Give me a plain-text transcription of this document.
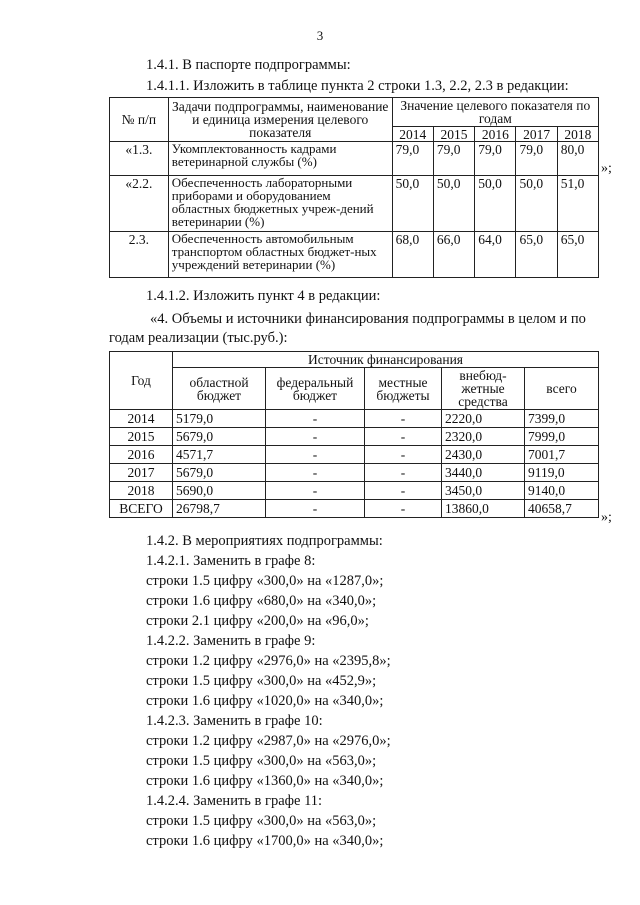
3
1.4.1. В паспорте подпрограммы:
1.4.1.1. Изложить в таблице пункта 2 строки 1.3, 2.2, 2.3 в редакции:
№ п/п	Задачи подпрограммы, наименование и единица измерения целевого показателя	Значение целевого показателя по годам				
		2014	2015	2016	2017	2018
«1.3.	Укомплектованность кадрами ветеринарной службы (%)	79,0	79,0	79,0	79,0	80,0
«2.2.	Обеспеченность лабораторными приборами и оборудованием областных бюджетных учреж-дений ветеринарии (%)	50,0	50,0	50,0	50,0	51,0
2.3.	Обеспеченность автомобильным транспортом областных бюджет-ных учреждений ветеринарии (%)	68,0	66,0	64,0	65,0	65,0
»;
1.4.1.2. Изложить пункт 4 в редакции:
«4. Объемы и источники финансирования подпрограммы в целом и по
годам реализации (тыс.руб.):
Год	Источник финансирования				
	областной бюджет	федеральный бюджет	местные бюджеты	внебюд-жетные средства	всего
2014	5179,0	-	-	2220,0	7399,0
2015	5679,0	-	-	2320,0	7999,0
2016	4571,7	-	-	2430,0	7001,7
2017	5679,0	-	-	3440,0	9119,0
2018	5690,0	-	-	3450,0	9140,0
ВСЕГО	26798,7	-	-	13860,0	40658,7
»;
1.4.2. В мероприятиях подпрограммы:
1.4.2.1. Заменить в графе 8:
строки 1.5 цифру «300,0» на «1287,0»;
строки 1.6 цифру «680,0» на «340,0»;
строки 2.1 цифру «200,0» на «96,0»;
1.4.2.2. Заменить в графе 9:
строки 1.2 цифру «2976,0» на «2395,8»;
строки 1.5 цифру «300,0» на «452,9»;
строки 1.6 цифру «1020,0» на «340,0»;
1.4.2.3. Заменить в графе 10:
строки 1.2 цифру «2987,0» на «2976,0»;
строки 1.5 цифру «300,0» на «563,0»;
строки 1.6 цифру «1360,0» на «340,0»;
1.4.2.4. Заменить в графе 11:
строки 1.5 цифру «300,0» на «563,0»;
строки 1.6 цифру «1700,0» на «340,0»;
